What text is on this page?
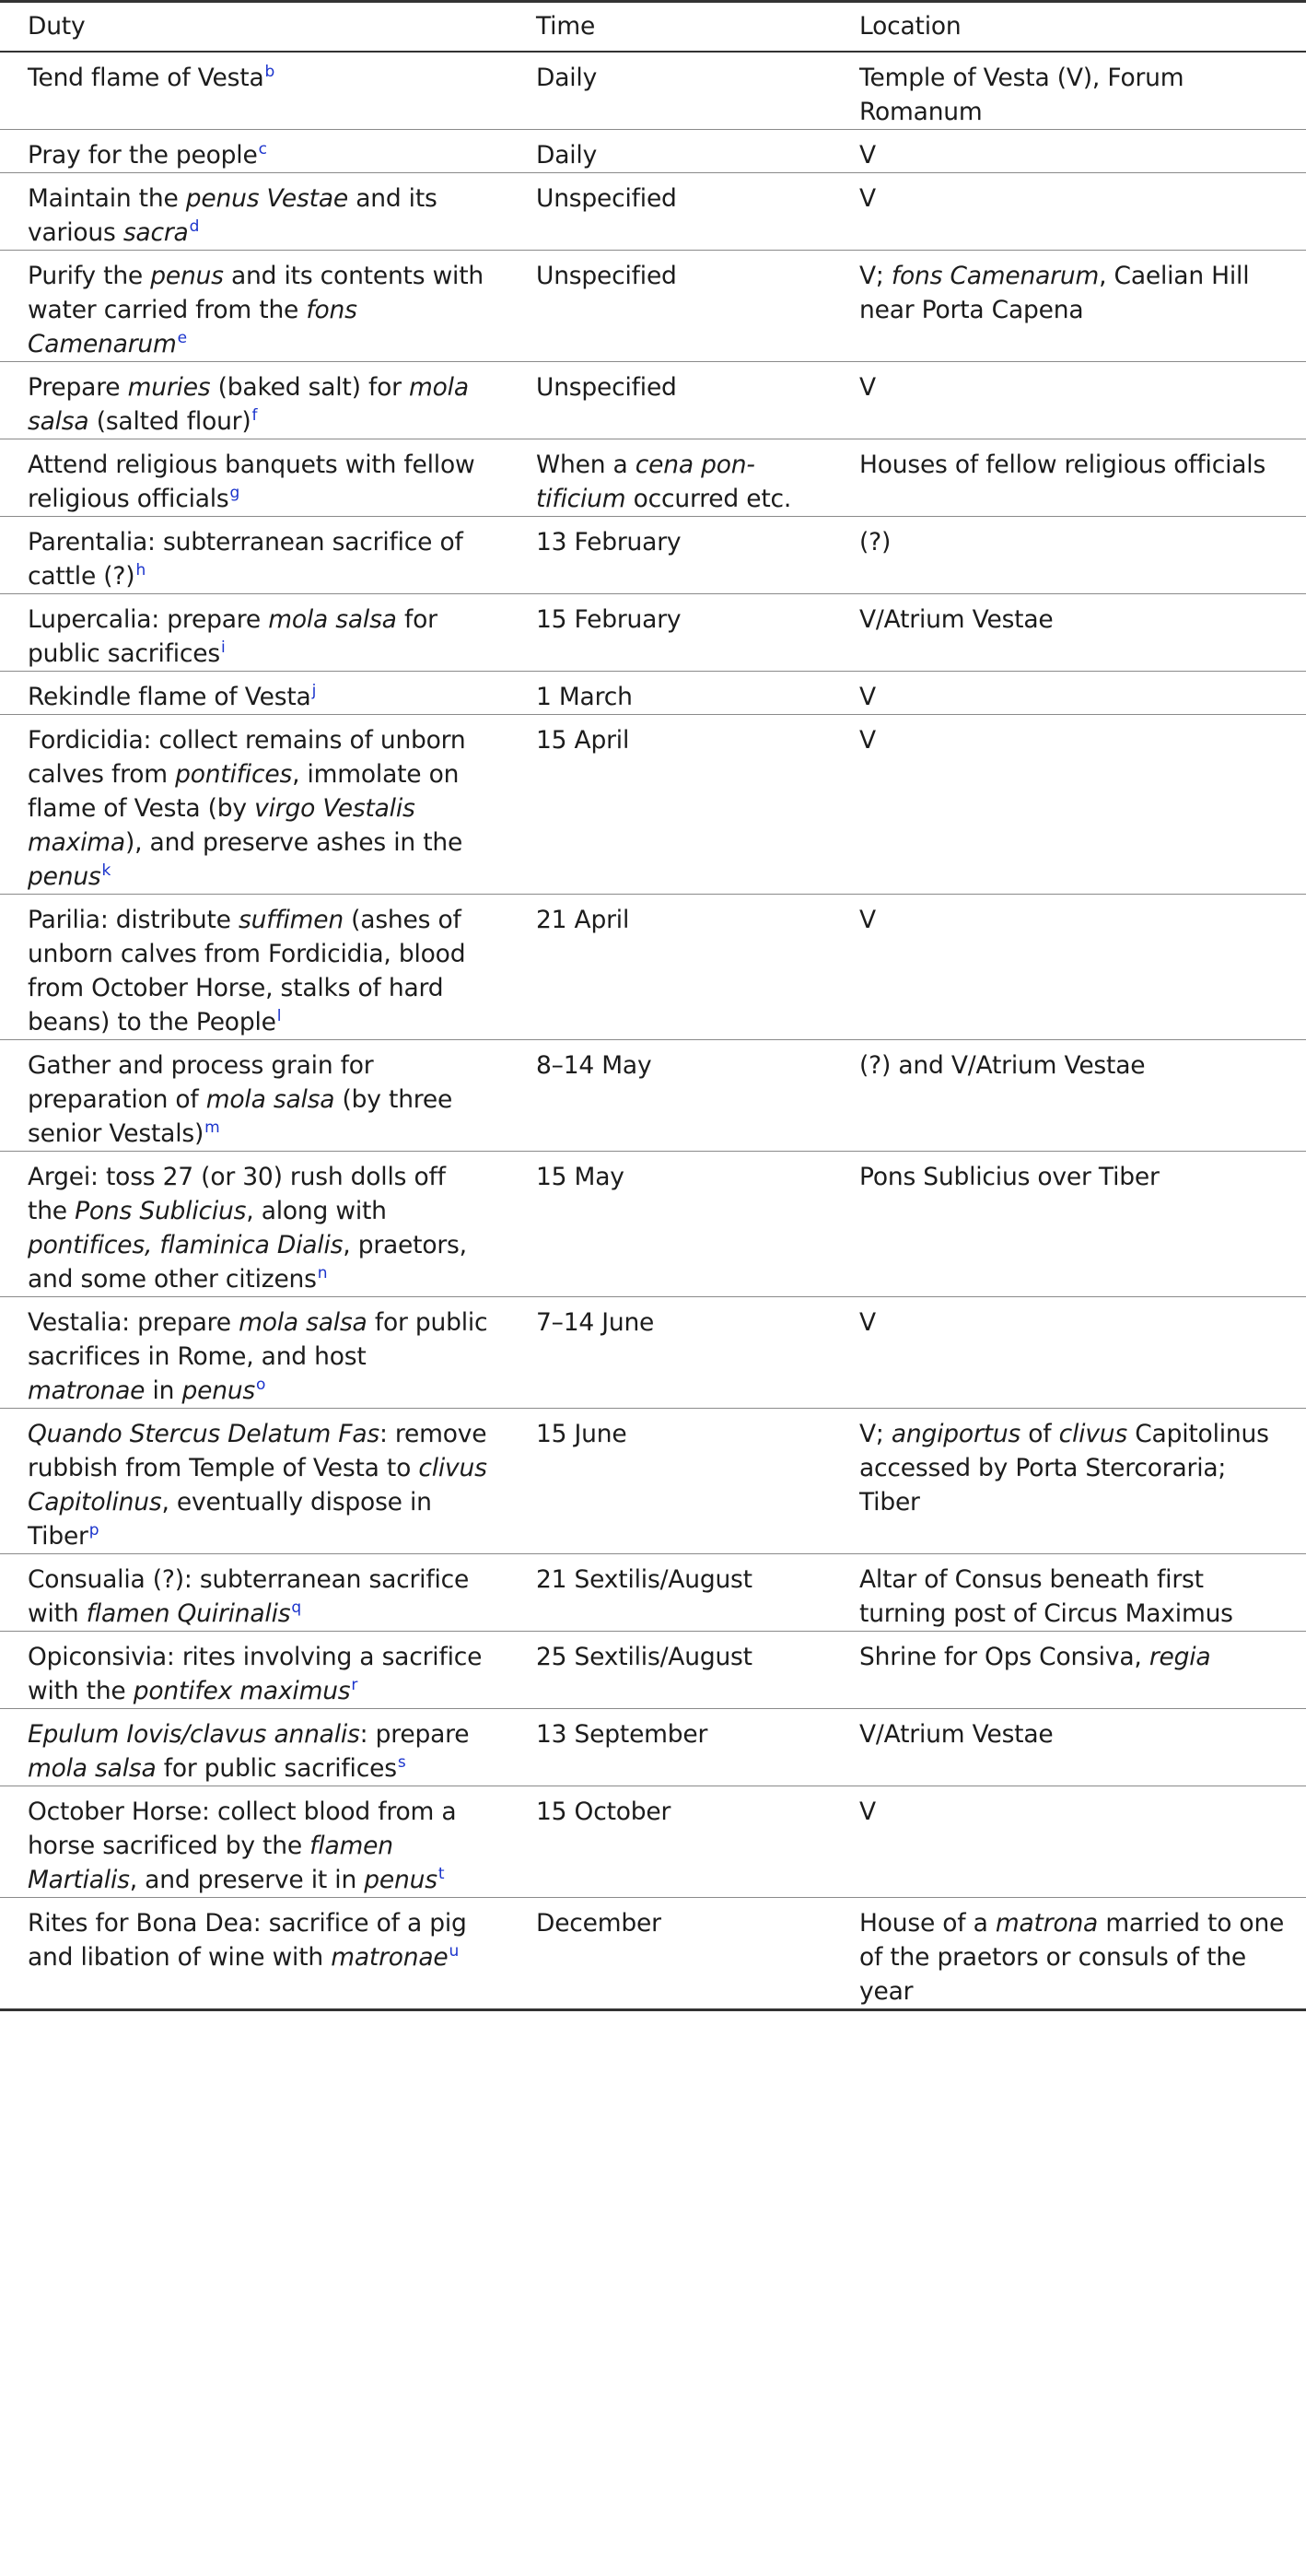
Duty	Time	Location

Tend flame of Vesta$^b$	Daily	Temple of Vesta (V), Forum Romanum

Pray for the people$^c$	Daily	V

Maintain the penus Vestae and its various sacra$^d$	Unspecified	V

Purify the penus and its contents with water carried from the fons Camenarum$^e$	Unspecified	V; fons Camenarum, Caelian Hill near Porta Capena

Prepare muries (baked salt) for mola salsa (salted flour)$^f$	Unspecified	V

Attend religious banquets with fellow religious officials$^g$	When a cena pon-tificium occurred etc.	Houses of fellow religious officials

Parentalia: subterranean sacrifice of cattle (?)$^h$	13 February	(?)

Lupercalia: prepare mola salsa for public sacrifices$^i$	15 February	V/Atrium Vestae

Rekindle flame of Vesta$^j$	1 March	V

Fordicidia: collect remains of unborn calves from pontifices, immolate on flame of Vesta (by virgo Vestalis maxima), and preserve ashes in the penus$^k$	15 April	V

Parilia: distribute suffimen (ashes of unborn calves from Fordicidia, blood from October Horse, stalks of hard beans) to the People$^l$	21 April	V

Gather and process grain for preparation of mola salsa (by three senior Vestals)$^m$	8–14 May	(?) and V/Atrium Vestae

Argei: toss 27 (or 30) rush dolls off the Pons Sublicius, along with pontifices, flaminica Dialis, praetors, and some other citizens$^n$	15 May	Pons Sublicius over Tiber

Vestalia: prepare mola salsa for public sacrifices in Rome, and host matronae in penus$^o$	7–14 June	V

Quando Stercus Delatum Fas: remove rubbish from Temple of Vesta to clivus Capitolinus, eventually dispose in Tiber$^p$	15 June	V; angiportus of clivus Capitolinus accessed by Porta Stercoraria; Tiber

Consualia (?): subterranean sacrifice with flamen Quirinalis$^q$	21 Sextilis/August	Altar of Consus beneath first turning post of Circus Maximus

Opiconsivia: rites involving a sacrifice with the pontifex maximus$^r$	25 Sextilis/August	Shrine for Ops Consiva, regia

Epulum Iovis/clavus annalis: prepare mola salsa for public sacrifices$^s$	13 September	V/Atrium Vestae

October Horse: collect blood from a horse sacrificed by the flamen Martialis, and preserve it in penus$^t$	15 October	V

Rites for Bona Dea: sacrifice of a pig and libation of wine with matronae$^u$	December	House of a matrona married to one of the praetors or consuls of the year
